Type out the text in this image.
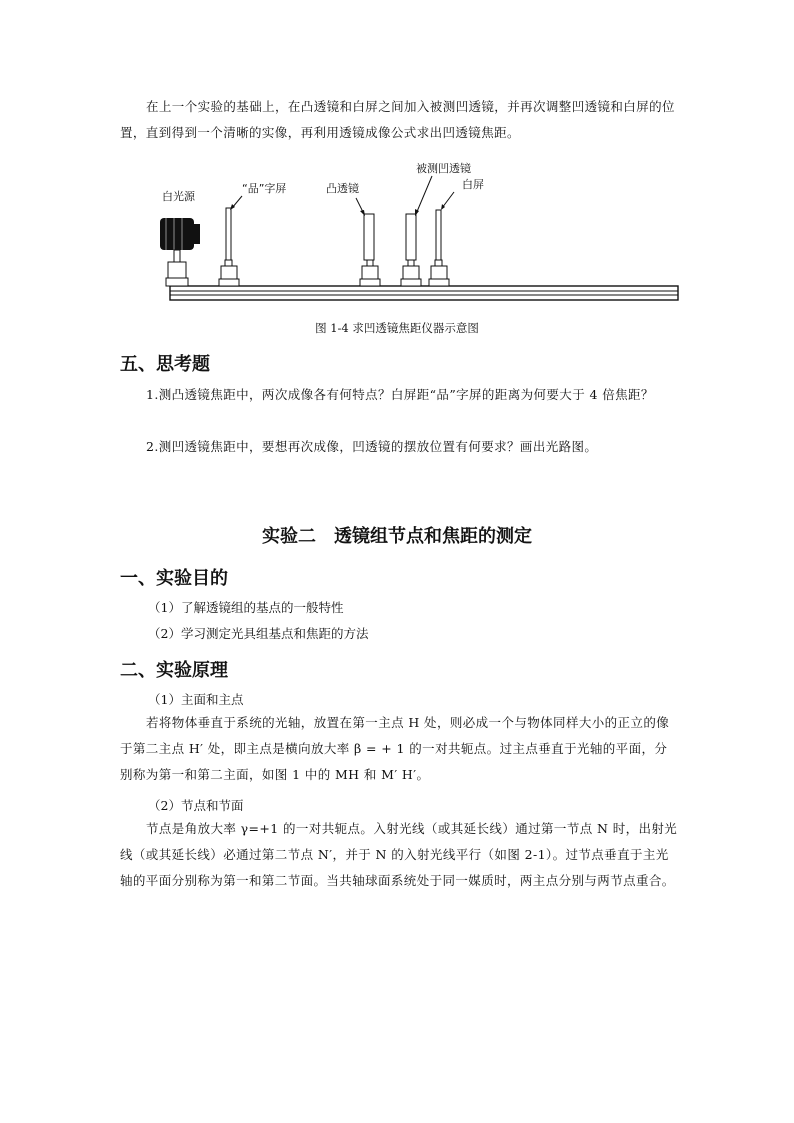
在上一个实验的基础上，在凸透镜和白屏之间加入被测凹透镜，并再次调整凹透镜和白屏的位置，直到得到一个清晰的实像，再利用透镜成像公式求出凹透镜焦距。

白光源
“品”字屏	凸透镜
被测凹透镜
白屏

图 1-4 求凹透镜焦距仪器示意图

五、思考题

1.测凸透镜焦距中，两次成像各有何特点？白屏距“品”字屏的距离为何要大于 4 倍焦距？

2.测凹透镜焦距中，要想再次成像，凹透镜的摆放位置有何要求？画出光路图。

实验二　透镜组节点和焦距的测定
一、实验目的

（1）了解透镜组的基点的一般特性

（2）学习测定光具组基点和焦距的方法

二、实验原理

（1）主面和主点

若将物体垂直于系统的光轴，放置在第一主点 H 处，则必成一个与物体同样大小的正立的像于第二主点 H′ 处，即主点是横向放大率 β = + 1 的一对共轭点。过主点垂直于光轴的平面，分别称为第一和第二主面，如图 1 中的 MH 和 M′ H′。

（2）节点和节面

节点是角放大率 γ=+1 的一对共轭点。入射光线（或其延长线）通过第一节点 N 时，出射光线（或其延长线）必通过第二节点 N′，并于 N 的入射光线平行（如图 2-1）。过节点垂直于主光轴的平面分别称为第一和第二节面。当共轴球面系统处于同一媒质时，两主点分别与两节点重合。
